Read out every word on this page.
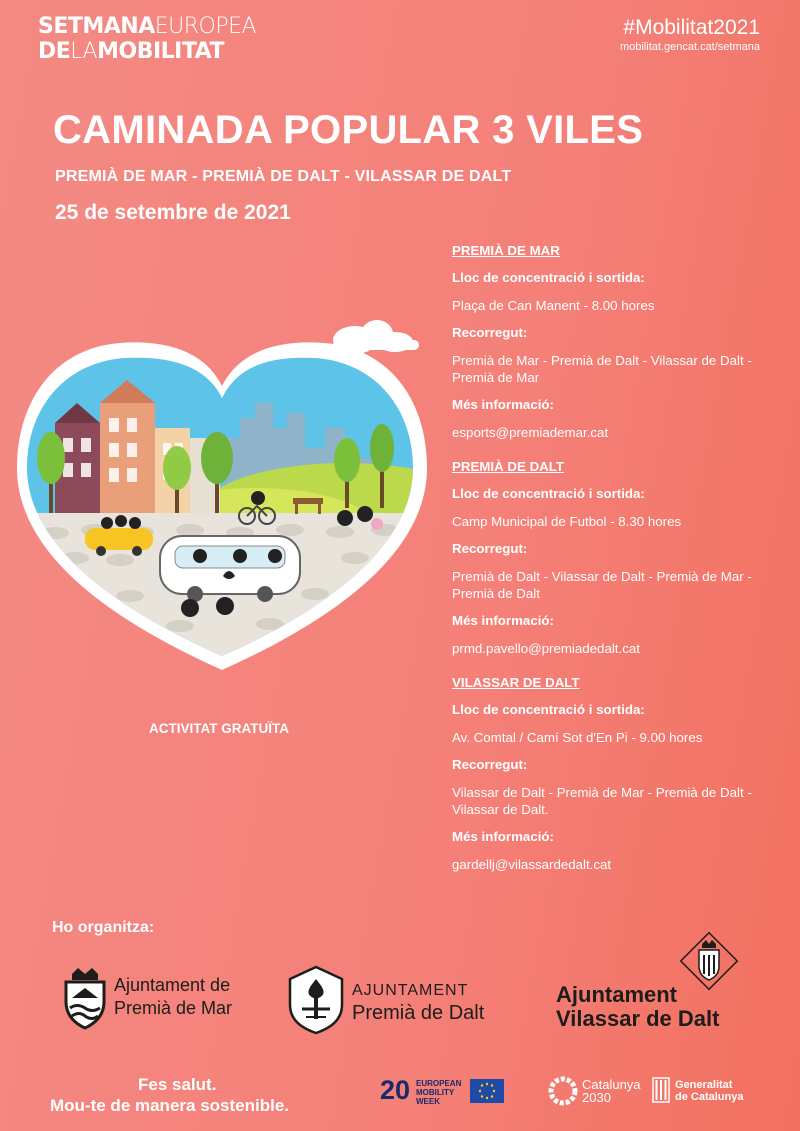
SETMANAEUROPEA
DELAMOBILITAT
#Mobilitat2021
mobilitat.gencat.cat/setmana
CAMINADA POPULAR 3 VILES
PREMIÀ DE MAR - PREMIÀ DE DALT - VILASSAR DE DALT
25 de setembre de 2021
ACTIVITAT GRATUÏTA
PREMIÀ DE MAR
Lloc de concentració i sortida:
Plaça de Can Manent - 8.00 hores
Recorregut:
Premià de Mar - Premià de Dalt - Vilassar de Dalt - Premià de Mar
Més informació:
esports@premiademar.cat
PREMIÀ DE DALT
Lloc de concentració i sortida:
Camp Municipal de Futbol - 8.30 hores
Recorregut:
Premià de Dalt - Vilassar de Dalt - Premià de Mar - Premià de Dalt
Més informació:
prmd.pavello@premiadedalt.cat
VILASSAR DE DALT
Lloc de concentració i sortida:
Av. Comtal / Camí Sot d'En Pi - 9.00 hores
Recorregut:
Vilassar de Dalt - Premià de Mar - Premià de Dalt - Vilassar de Dalt.
Més informació:
gardellj@vilassardedalt.cat
Ho organitza:
Ajuntament de
Premià de Mar
AJUNTAMENT
Premià de Dalt
Ajuntament
Vilassar de Dalt
Fes salut.
Mou-te de manera sostenible.
20 EUROPEAN
MOBILITY
WEEK
Catalunya
2030
Generalitat
de Catalunya
